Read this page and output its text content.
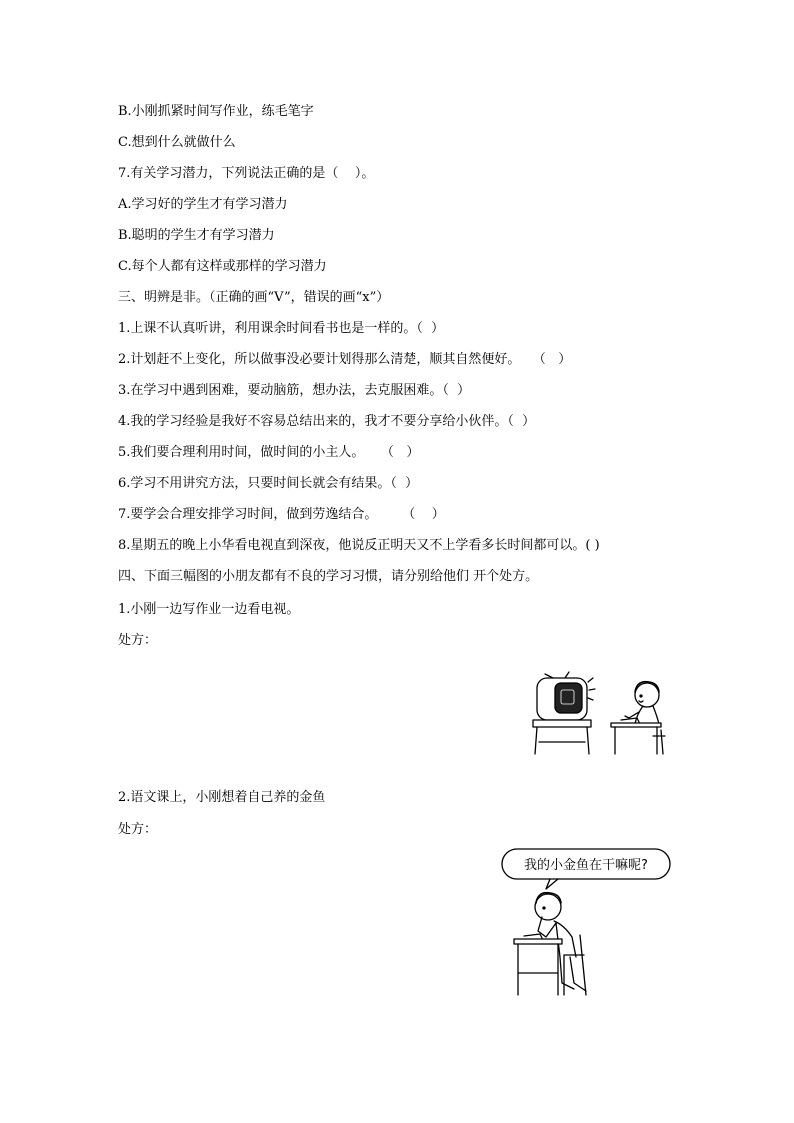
B.小刚抓紧时间写作业，练毛笔字
C.想到什么就做什么
7.有关学习潜力，下列说法正确的是（    ）。
A.学习好的学生才有学习潜力
B.聪明的学生才有学习潜力
C.每个人都有这样或那样的学习潜力
三、明辨是非。（正确的画“V”，错误的画“x”）
1.上课不认真听讲，利用课余时间看书也是一样的。（  ）
2.计划赶不上变化，所以做事没必要计划得那么清楚，顺其自然便好。   （   ）
3.在学习中遇到困难，要动脑筋，想办法，去克服困难。（  ）
4.我的学习经验是我好不容易总结出来的，我才不要分享给小伙伴。（  ）
5.我们要合理利用时间，做时间的小主人。    （   ）
6.学习不用讲究方法，只要时间长就会有结果。（  ）
7.要学会合理安排学习时间，做到劳逸结合。      （    ）
8.星期五的晚上小华看电视直到深夜，他说反正明天又不上学看多长时间都可以。( )
四、下面三幅图的小朋友都有不良的学习习惯，请分别给他们 开个处方。
1.小刚一边写作业一边看电视。
处方：
2.语文课上，小刚想着自己养的金鱼
处方：
我的小金鱼在干嘛呢?
